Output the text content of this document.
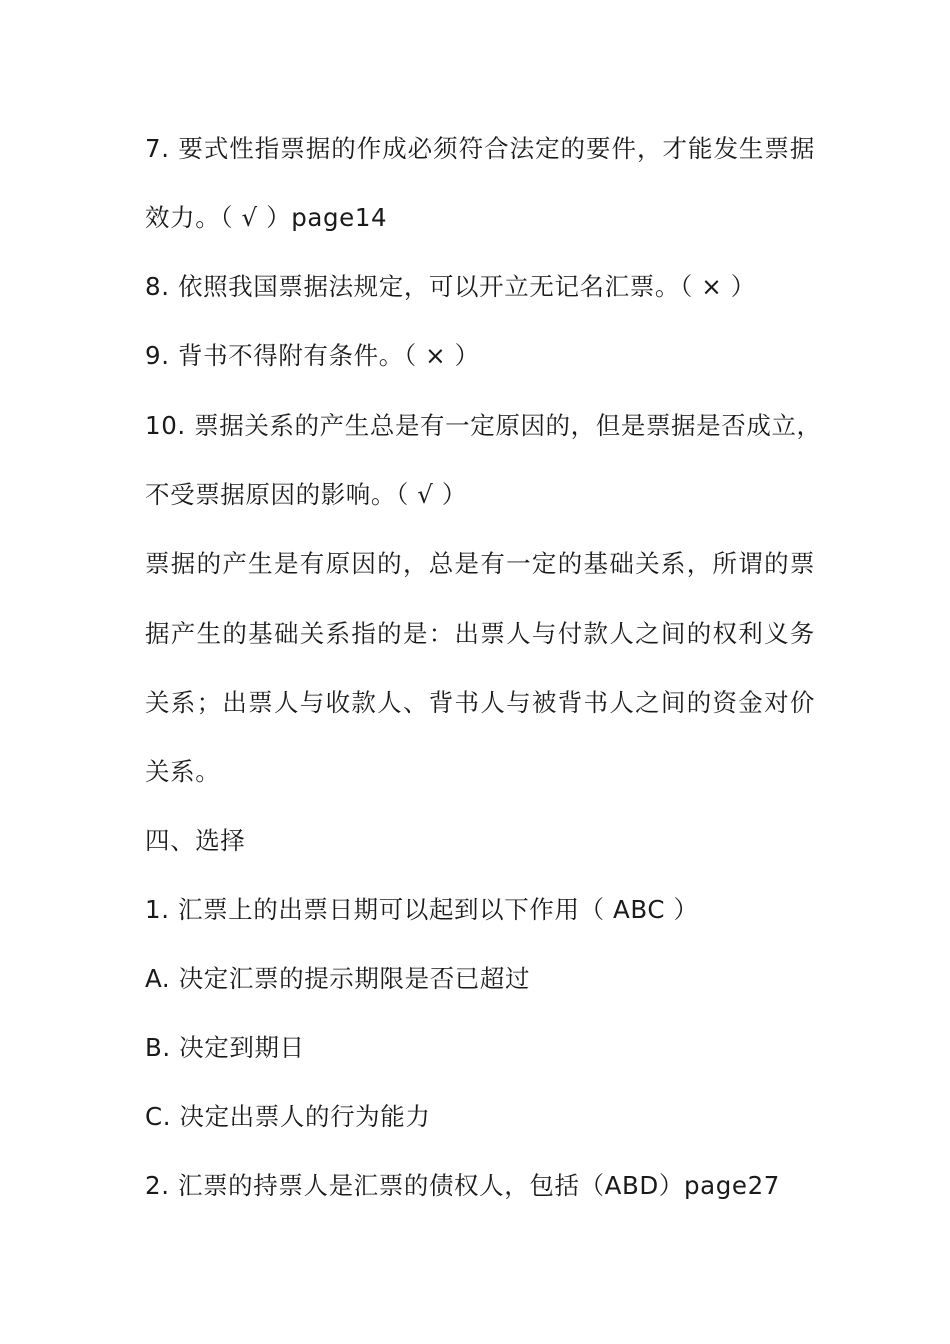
7. 要式性指票据的作成必须符合法定的要件，才能发生票据
效力。（ √ ）page14
8. 依照我国票据法规定，可以开立无记名汇票。（ × ）
9. 背书不得附有条件。（ × ）
10. 票据关系的产生总是有一定原因的，但是票据是否成立，
不受票据原因的影响。（ √ ）
票据的产生是有原因的，总是有一定的基础关系，所谓的票
据产生的基础关系指的是：出票人与付款人之间的权利义务
关系；出票人与收款人、背书人与被背书人之间的资金对价
关系。
四、选择
1. 汇票上的出票日期可以起到以下作用（ ABC ）
A. 决定汇票的提示期限是否已超过
B. 决定到期日
C. 决定出票人的行为能力
2. 汇票的持票人是汇票的债权人，包括（ABD）page27
